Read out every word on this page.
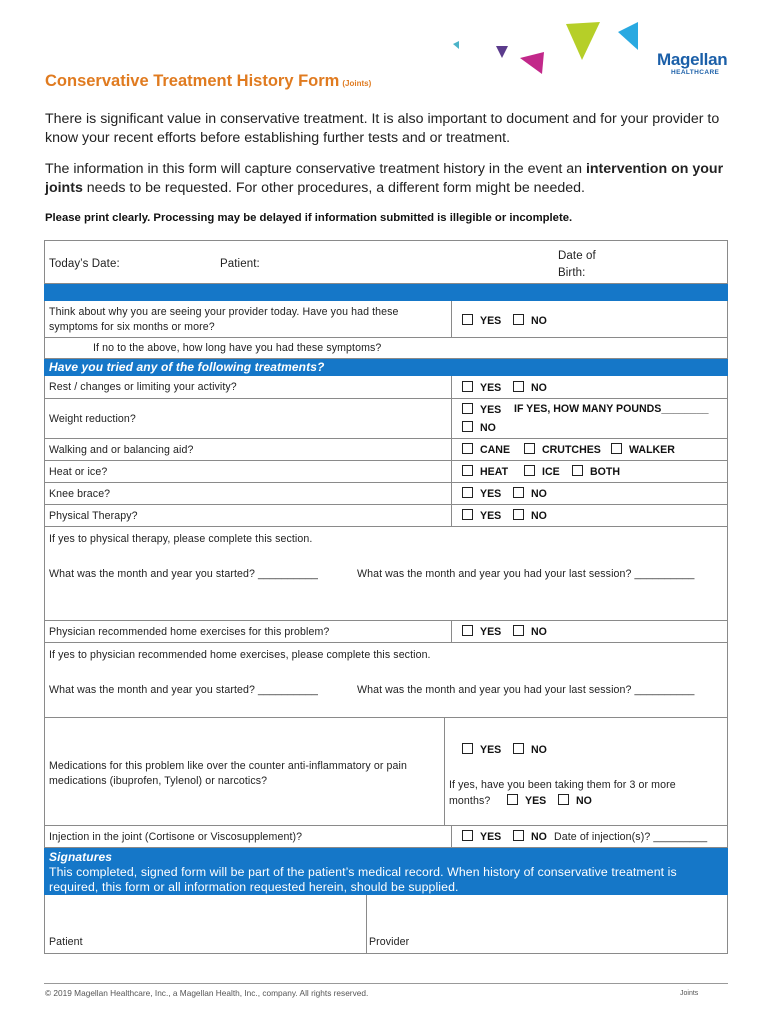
Magellan
HEALTHCARE
Conservative Treatment History Form (Joints)
There is significant value in conservative treatment. It is also important to document and for your provider to know your recent efforts before establishing further tests and or treatment.
The information in this form will capture conservative treatment history in the event an intervention on your joints needs to be requested. For other procedures, a different form might be needed.
Please print clearly. Processing may be delayed if information submitted is illegible or incomplete.
Today’s Date:	Patient:
Date of
Birth:
Think about why you are seeing your provider today. Have you had these
symptoms for six months or more?	YES	NO
If no to the above, how long have you had these symptoms?
Have you tried any of the following treatments?
Rest / changes or limiting your activity?	YES	NO
Weight reduction?
YES IF YES, HOW MANY POUNDS________
NO
Walking and or balancing aid?	CANE	CRUTCHES	WALKER
Heat or ice?	HEAT	ICE	BOTH
Knee brace?	YES	NO
Physical Therapy?	YES	NO
If yes to physical therapy, please complete this section.
What was the month and year you started? __________	What was the month and year you had your last session? __________
Physician recommended home exercises for this problem?	YES	NO
If yes to physician recommended home exercises, please complete this section.
What was the month and year you started? __________	What was the month and year you had your last session? __________
Medications for this problem like over the counter anti-inflammatory or pain
medications (ibuprofen, Tylenol) or narcotics?
YES	NO
If yes, have you been taking them for 3 or more
months?	YES	NO
Injection in the joint (Cortisone or Viscosupplement)?	YES	NO Date of injection(s)? _________
Signatures
This completed, signed form will be part of the patient’s medical record. When history of conservative treatment is
required, this form or all information requested herein, should be supplied.
Patient	Provider
© 2019 Magellan Healthcare, Inc., a Magellan Health, Inc., company. All rights reserved.	Joints
